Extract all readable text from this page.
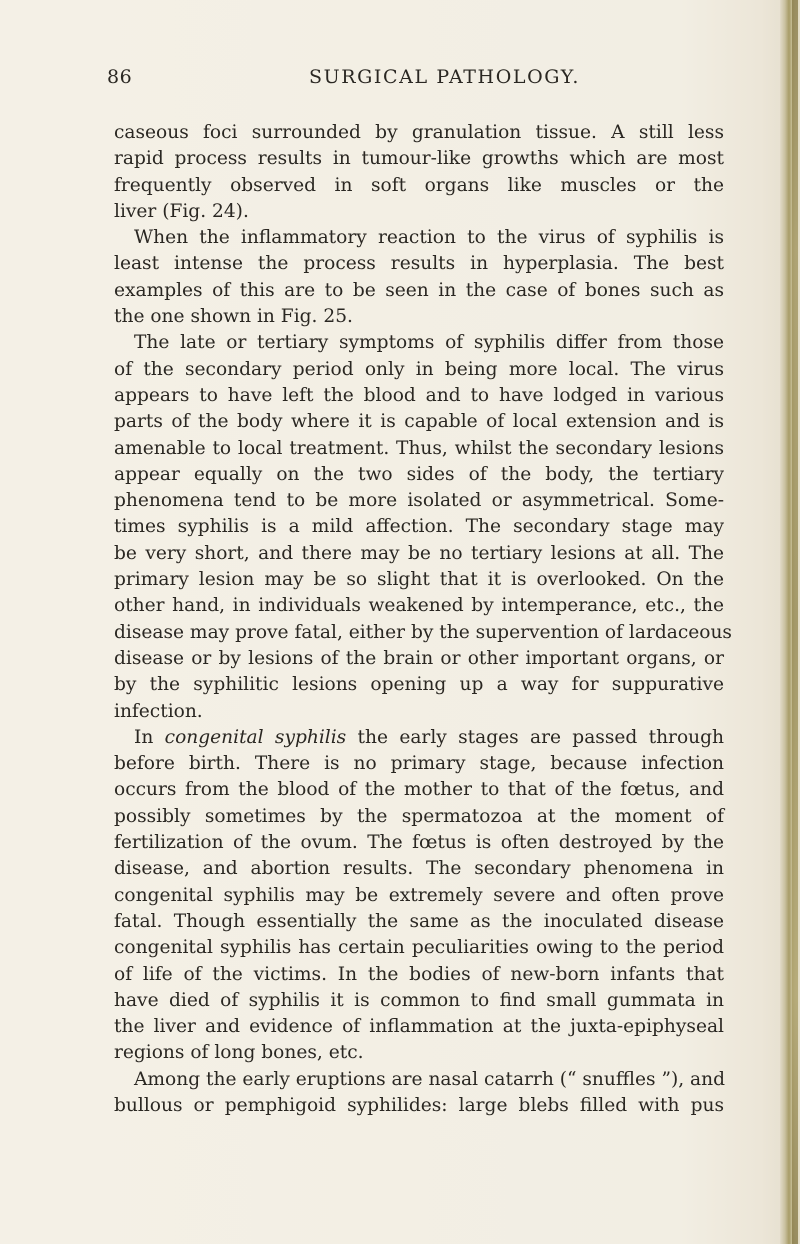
86	SURGICAL PATHOLOGY.
caseous foci surrounded by granulation tissue. A still less
rapid process results in tumour-like growths which are most
frequently observed in soft organs like muscles or the
liver (Fig. 24).
When the inflammatory reaction to the virus of syphilis is
least intense the process results in hyperplasia. The best
examples of this are to be seen in the case of bones such as
the one shown in Fig. 25.
The late or tertiary symptoms of syphilis differ from those
of the secondary period only in being more local. The virus
appears to have left the blood and to have lodged in various
parts of the body where it is capable of local extension and is
amenable to local treatment. Thus, whilst the secondary lesions
appear equally on the two sides of the body, the tertiary
phenomena tend to be more isolated or asymmetrical. Some-
times syphilis is a mild affection. The secondary stage may
be very short, and there may be no tertiary lesions at all. The
primary lesion may be so slight that it is overlooked. On the
other hand, in individuals weakened by intemperance, etc., the
disease may prove fatal, either by the supervention of lardaceous
disease or by lesions of the brain or other important organs, or
by the syphilitic lesions opening up a way for suppurative
infection.
In congenital syphilis the early stages are passed through
before birth. There is no primary stage, because infection
occurs from the blood of the mother to that of the fœtus, and
possibly sometimes by the spermatozoa at the moment of
fertilization of the ovum. The fœtus is often destroyed by the
disease, and abortion results. The secondary phenomena in
congenital syphilis may be extremely severe and often prove
fatal. Though essentially the same as the inoculated disease
congenital syphilis has certain peculiarities owing to the period
of life of the victims. In the bodies of new-born infants that
have died of syphilis it is common to find small gummata in
the liver and evidence of inflammation at the juxta-epiphyseal
regions of long bones, etc.
Among the early eruptions are nasal catarrh (“ snuffles ”), and
bullous or pemphigoid syphilides: large blebs filled with pus
